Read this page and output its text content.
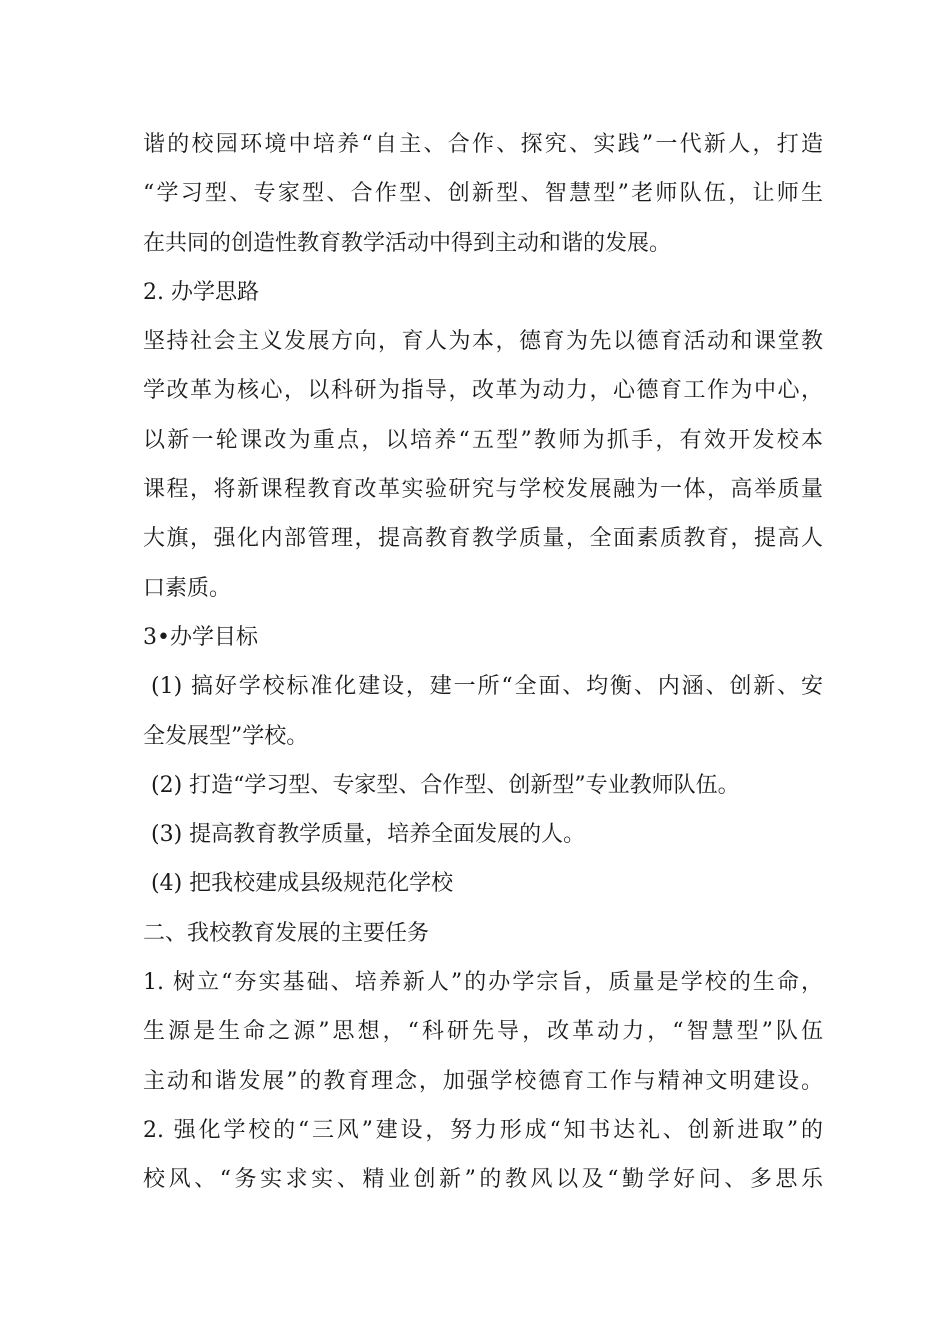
谐的校园环境中培养“自主、合作、探究、实践”一代新人，打造
“学习型、专家型、合作型、创新型、智慧型”老师队伍，让师生
在共同的创造性教育教学活动中得到主动和谐的发展。
2. 办学思路
坚持社会主义发展方向，育人为本，德育为先以德育活动和课堂教
学改革为核心，以科研为指导，改革为动力，心德育工作为中心，
以新一轮课改为重点，以培养“五型”教师为抓手，有效开发校本
课程，将新课程教育改革实验研究与学校发展融为一体，高举质量
大旗，强化内部管理，提高教育教学质量，全面素质教育，提高人
口素质。
3•办学目标
(1) 搞好学校标准化建设，建一所“全面、均衡、内涵、创新、安
全发展型”学校。
(2) 打造“学习型、专家型、合作型、创新型”专业教师队伍。
(3) 提高教育教学质量，培养全面发展的人。
(4) 把我校建成县级规范化学校
二、我校教育发展的主要任务
1. 树立“夯实基础、培养新人”的办学宗旨，质量是学校的生命，
生源是生命之源”思想，“科研先导，改革动力，“智慧型”队伍
主动和谐发展”的教育理念，加强学校德育工作与精神文明建设。
2. 强化学校的“三风”建设，努力形成“知书达礼、创新进取”的
校风、“务实求实、精业创新”的教风以及“勤学好问、多思乐
